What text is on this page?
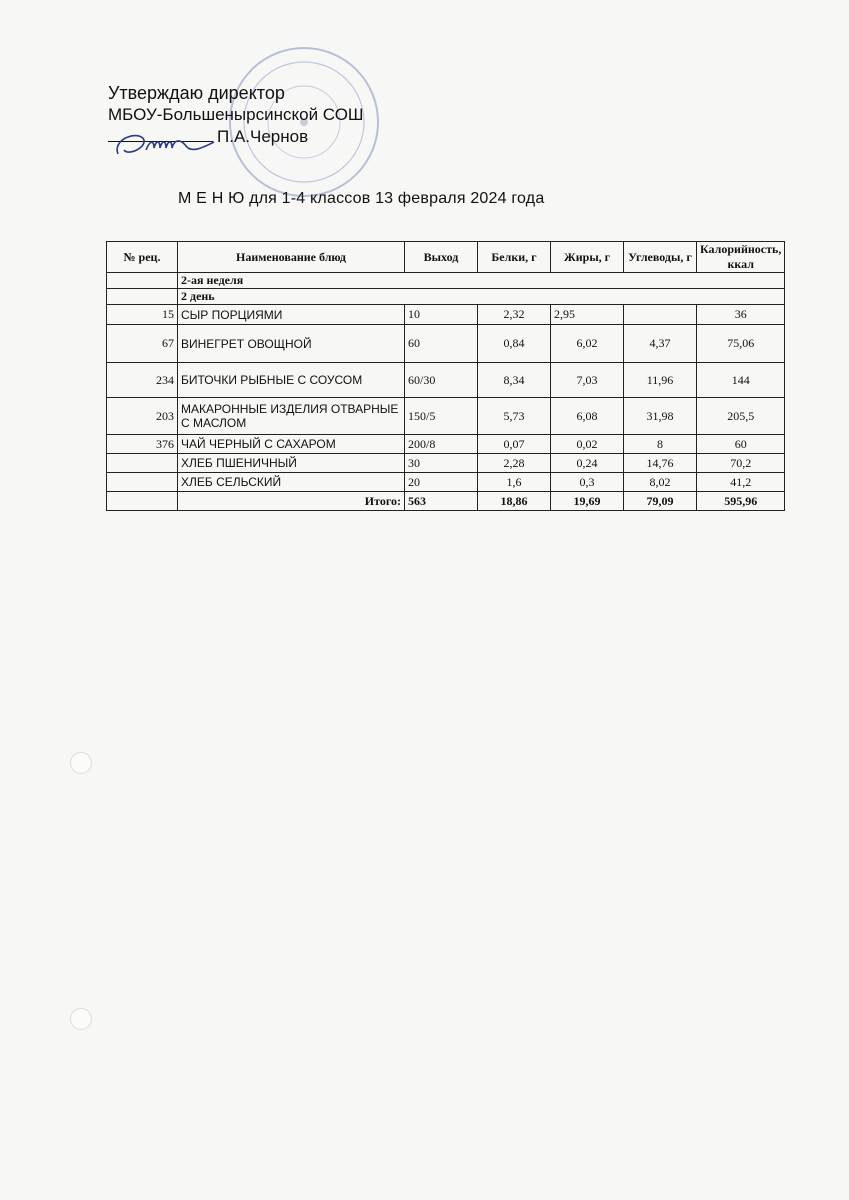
Утверждаю директор
МБОУ-Большенырсинской СОШ
П.А.Чернов
М Е Н Ю для 1-4 классов 13 февраля 2024 года
№ рец.	Наименование блюд	Выход	Белки, г	Жиры, г	Углеводы, г	Калорийность, ккал
	2-ая неделя					
	2 день					
15	СЫР ПОРЦИЯМИ	10	2,32	2,95		36
67	ВИНЕГРЕТ ОВОЩНОЙ	60	0,84	6,02	4,37	75,06
234	БИТОЧКИ РЫБНЫЕ С СОУСОМ	60/30	8,34	7,03	11,96	144
203	МАКАРОННЫЕ ИЗДЕЛИЯ ОТВАРНЫЕ С МАСЛОМ	150/5	5,73	6,08	31,98	205,5
376	ЧАЙ ЧЕРНЫЙ С САХАРОМ	200/8	0,07	0,02	8	60
	ХЛЕБ ПШЕНИЧНЫЙ	30	2,28	0,24	14,76	70,2
	ХЛЕБ СЕЛЬСКИЙ	20	1,6	0,3	8,02	41,2
	Итого:	563	18,86	19,69	79,09	595,96
